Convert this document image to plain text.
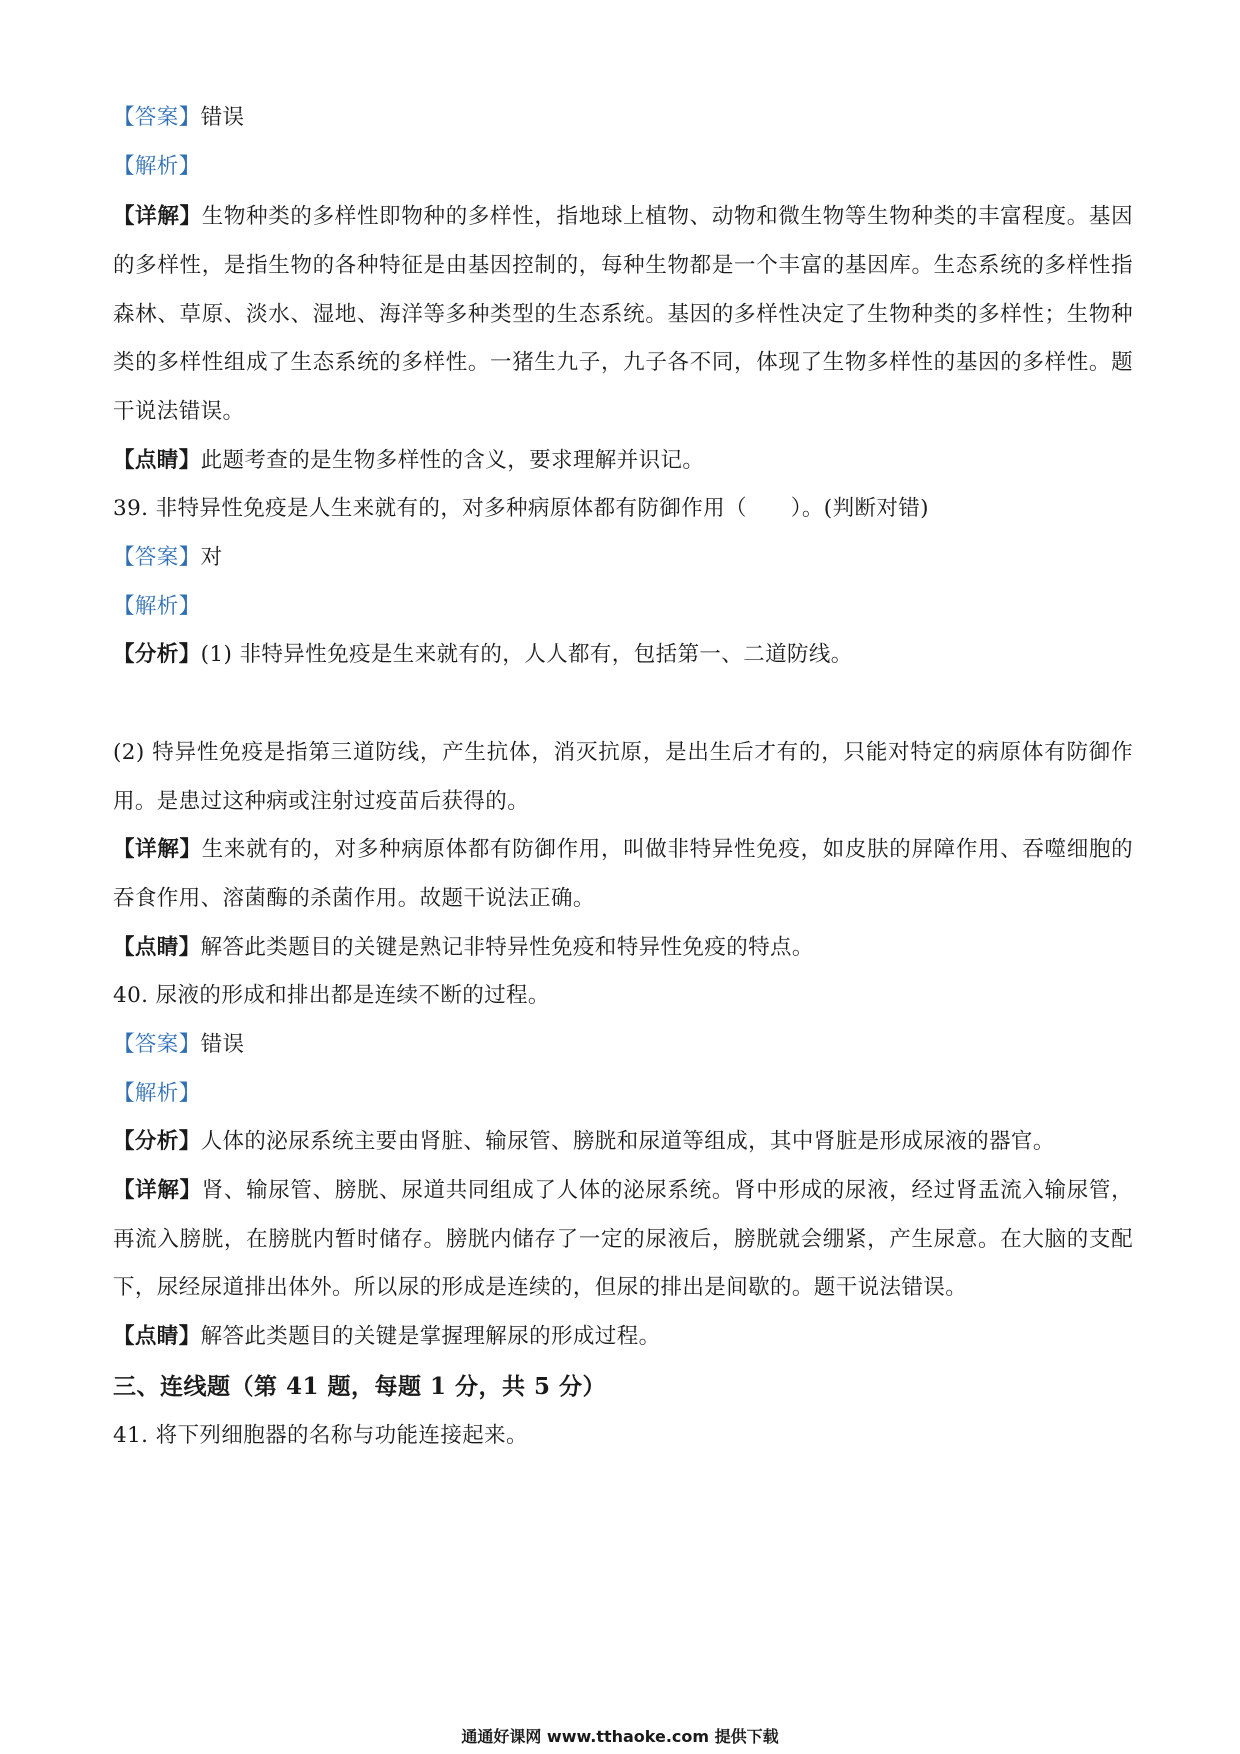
【答案】错误
【解析】
【详解】生物种类的多样性即物种的多样性，指地球上植物、动物和微生物等生物种类的丰富程度。基因
的多样性，是指生物的各种特征是由基因控制的，每种生物都是一个丰富的基因库。生态系统的多样性指
森林、草原、淡水、湿地、海洋等多种类型的生态系统。基因的多样性决定了生物种类的多样性；生物种
类的多样性组成了生态系统的多样性。一猪生九子，九子各不同，体现了生物多样性的基因的多样性。题
干说法错误。
【点睛】此题考查的是生物多样性的含义，要求理解并识记。
39. 非特异性免疫是人生来就有的，对多种病原体都有防御作用（　　）。(判断对错)
【答案】对
【解析】
【分析】(1) 非特异性免疫是生来就有的，人人都有，包括第一、二道防线。
(2) 特异性免疫是指第三道防线，产生抗体，消灭抗原，是出生后才有的，只能对特定的病原体有防御作
用。是患过这种病或注射过疫苗后获得的。
【详解】生来就有的，对多种病原体都有防御作用，叫做非特异性免疫，如皮肤的屏障作用、吞噬细胞的
吞食作用、溶菌酶的杀菌作用。故题干说法正确。
【点睛】解答此类题目的关键是熟记非特异性免疫和特异性免疫的特点。
40. 尿液的形成和排出都是连续不断的过程。
【答案】错误
【解析】
【分析】人体的泌尿系统主要由肾脏、输尿管、膀胱和尿道等组成，其中肾脏是形成尿液的器官。
【详解】肾、输尿管、膀胱、尿道共同组成了人体的泌尿系统。肾中形成的尿液，经过肾盂流入输尿管，
再流入膀胱，在膀胱内暂时储存。膀胱内储存了一定的尿液后，膀胱就会绷紧，产生尿意。在大脑的支配
下，尿经尿道排出体外。所以尿的形成是连续的，但尿的排出是间歇的。题干说法错误。
【点睛】解答此类题目的关键是掌握理解尿的形成过程。
三、连线题（第 41 题，每题 1 分，共 5 分）
41. 将下列细胞器的名称与功能连接起来。
通通好课网 www.tthaoke.com 提供下载
